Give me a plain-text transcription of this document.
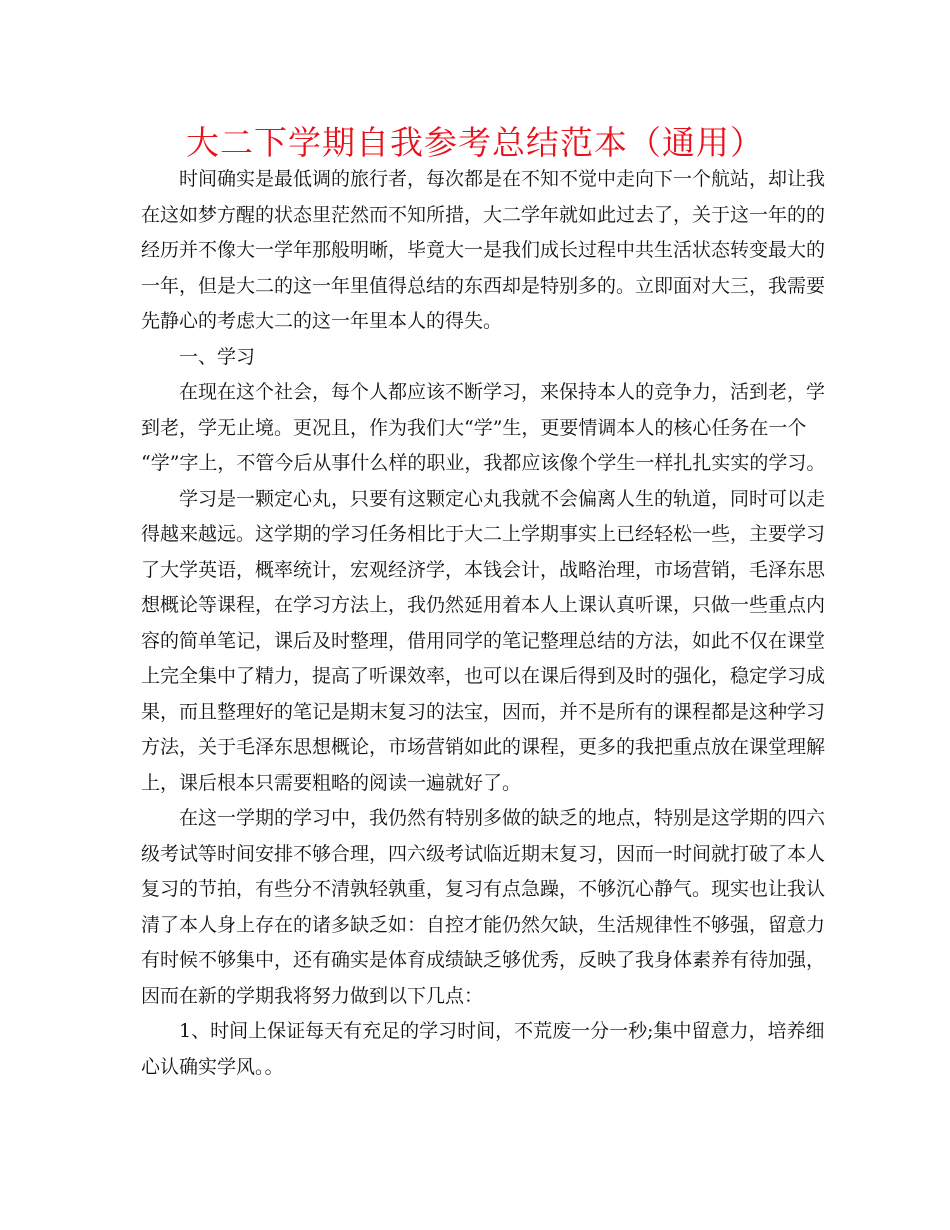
大二下学期自我参考总结范本（通用）
时间确实是最低调的旅行者，每次都是在不知不觉中走向下一个航站，却让我
在这如梦方醒的状态里茫然而不知所措，大二学年就如此过去了，关于这一年的的
经历并不像大一学年那般明晰，毕竟大一是我们成长过程中共生活状态转变最大的
一年，但是大二的这一年里值得总结的东西却是特别多的。立即面对大三，我需要
先静心的考虑大二的这一年里本人的得失。
一、学习
在现在这个社会，每个人都应该不断学习，来保持本人的竞争力，活到老，学
到老，学无止境。更况且，作为我们大“学”生，更要情调本人的核心任务在一个
“学”字上，不管今后从事什么样的职业，我都应该像个学生一样扎扎实实的学习。
学习是一颗定心丸，只要有这颗定心丸我就不会偏离人生的轨道，同时可以走
得越来越远。这学期的学习任务相比于大二上学期事实上已经轻松一些，主要学习
了大学英语，概率统计，宏观经济学，本钱会计，战略治理，市场营销，毛泽东思
想概论等课程，在学习方法上，我仍然延用着本人上课认真听课，只做一些重点内
容的简单笔记，课后及时整理，借用同学的笔记整理总结的方法，如此不仅在课堂
上完全集中了精力，提高了听课效率，也可以在课后得到及时的强化，稳定学习成
果，而且整理好的笔记是期末复习的法宝，因而，并不是所有的课程都是这种学习
方法，关于毛泽东思想概论，市场营销如此的课程，更多的我把重点放在课堂理解
上，课后根本只需要粗略的阅读一遍就好了。
在这一学期的学习中，我仍然有特别多做的缺乏的地点，特别是这学期的四六
级考试等时间安排不够合理，四六级考试临近期末复习，因而一时间就打破了本人
复习的节拍，有些分不清孰轻孰重，复习有点急躁，不够沉心静气。现实也让我认
清了本人身上存在的诸多缺乏如：自控才能仍然欠缺，生活规律性不够强，留意力
有时候不够集中，还有确实是体育成绩缺乏够优秀，反映了我身体素养有待加强，
因而在新的学期我将努力做到以下几点：
1、时间上保证每天有充足的学习时间，不荒废一分一秒;集中留意力，培养细
心认确实学风。。
